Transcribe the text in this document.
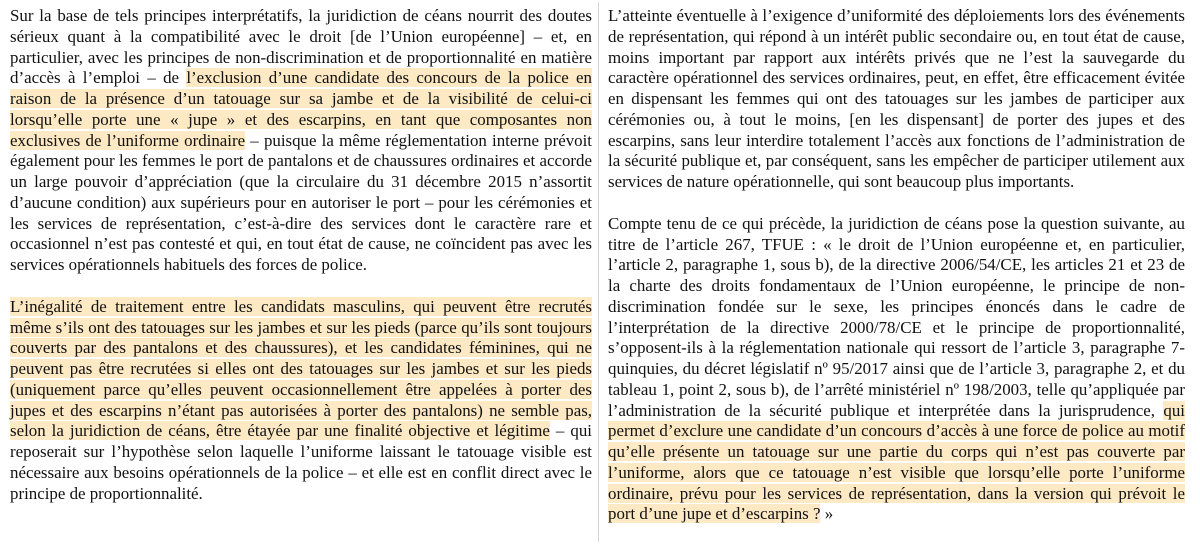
Sur la base de tels principes interprétatifs, la juridiction de céans nourrit des doutes sérieux quant à la compatibilité avec le droit [de l’Union européenne] – et, en particulier, avec les principes de non-discrimination et de proportionnalité en matière d’accès à l’emploi – de l’exclusion d’une candidate des concours de la police en raison de la présence d’un tatouage sur sa jambe et de la visibilité de celui-ci lorsqu’elle porte une « jupe » et des escarpins, en tant que composantes non exclusives de l’uniforme ordinaire – puisque la même réglementation interne prévoit également pour les femmes le port de pantalons et de chaussures ordinaires et accorde un large pouvoir d’appréciation (que la circulaire du 31 décembre 2015 n’assortit d’aucune condition) aux supérieurs pour en autoriser le port – pour les cérémonies et les services de représentation, c’est-à-dire des services dont le caractère rare et occasionnel n’est pas contesté et qui, en tout état de cause, ne coïncident pas avec les services opérationnels habituels des forces de police.

L’inégalité de traitement entre les candidats masculins, qui peuvent être recrutés même s’ils ont des tatouages sur les jambes et sur les pieds (parce qu’ils sont toujours couverts par des pantalons et des chaussures), et les candidates féminines, qui ne peuvent pas être recrutées si elles ont des tatouages sur les jambes et sur les pieds (uniquement parce qu’elles peuvent occasionnellement être appelées à porter des jupes et des escarpins n’étant pas autorisées à porter des pantalons) ne semble pas, selon la juridiction de céans, être étayée par une finalité objective et légitime – qui reposerait sur l’hypothèse selon laquelle l’uniforme laissant le tatouage visible est nécessaire aux besoins opérationnels de la police – et elle est en conflit direct avec le principe de proportionnalité.

L’atteinte éventuelle à l’exigence d’uniformité des déploiements lors des événements de représentation, qui répond à un intérêt public secondaire ou, en tout état de cause, moins important par rapport aux intérêts privés que ne l’est la sauvegarde du caractère opérationnel des services ordinaires, peut, en effet, être efficacement évitée en dispensant les femmes qui ont des tatouages sur les jambes de participer aux cérémonies ou, à tout le moins, [en les dispensant] de porter des jupes et des escarpins, sans leur interdire totalement l’accès aux fonctions de l’administration de la sécurité publique et, par conséquent, sans les empêcher de participer utilement aux services de nature opérationnelle, qui sont beaucoup plus importants.

Compte tenu de ce qui précède, la juridiction de céans pose la question suivante, au titre de l’article 267, TFUE : « le droit de l’Union européenne et, en particulier, l’article 2, paragraphe 1, sous b), de la directive 2006/54/CE, les articles 21 et 23 de la charte des droits fondamentaux de l’Union européenne, le principe de non-discrimination fondée sur le sexe, les principes énoncés dans le cadre de l’interprétation de la directive 2000/78/CE et le principe de proportionnalité, s’opposent-ils à la réglementation nationale qui ressort de l’article 3, paragraphe 7-quinquies, du décret législatif nº 95/2017 ainsi que de l’article 3, paragraphe 2, et du tableau 1, point 2, sous b), de l’arrêté ministériel nº 198/2003, telle qu’appliquée par l’administration de la sécurité publique et interprétée dans la jurisprudence, qui permet d’exclure une candidate d’un concours d’accès à une force de police au motif qu’elle présente un tatouage sur une partie du corps qui n’est pas couverte par l’uniforme, alors que ce tatouage n’est visible que lorsqu’elle porte l’uniforme ordinaire, prévu pour les services de représentation, dans la version qui prévoit le port d’une jupe et d’escarpins ? »
